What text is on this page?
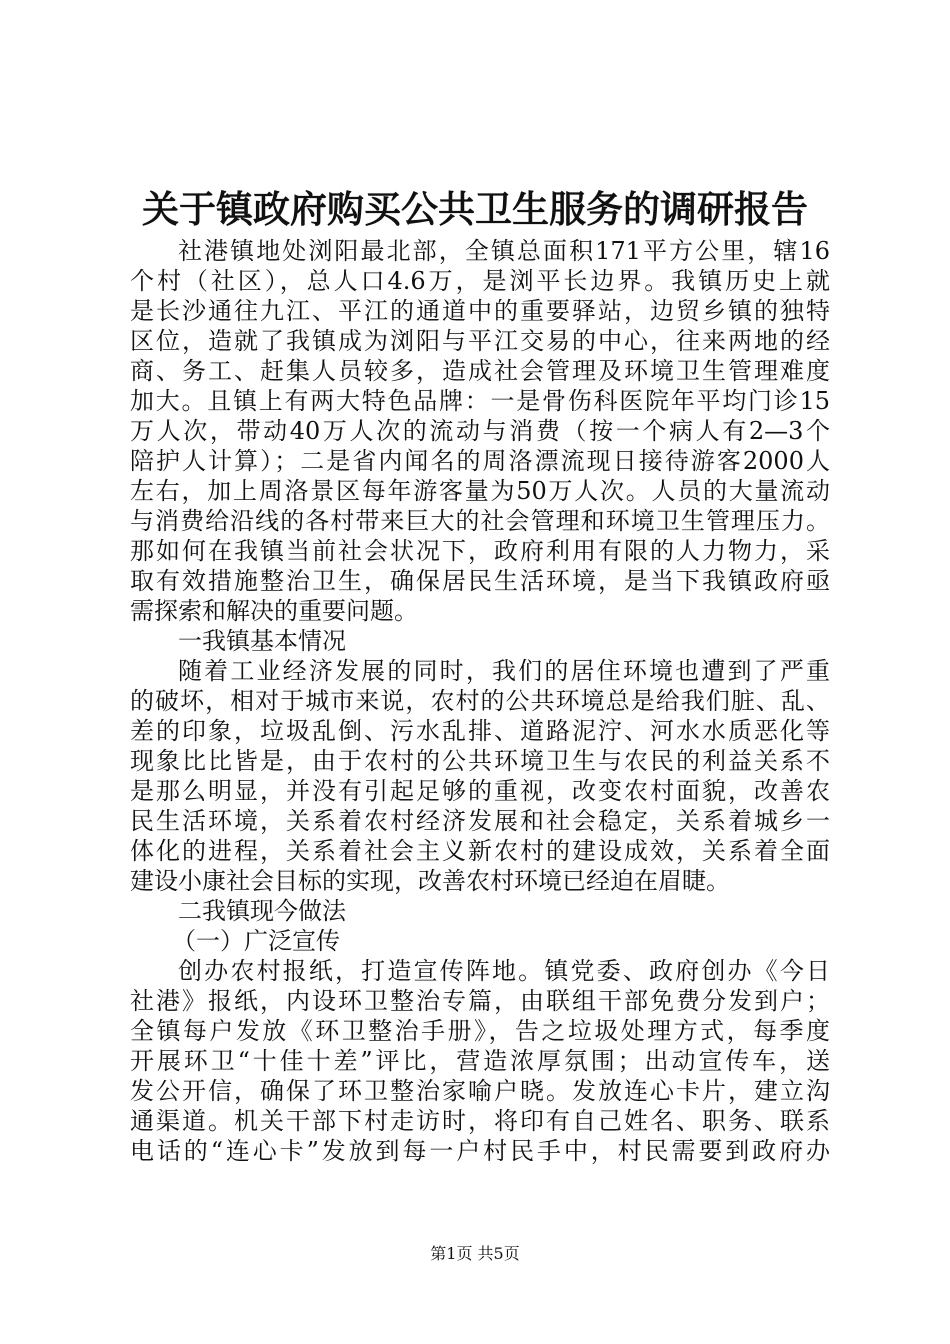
关于镇政府购买公共卫生服务的调研报告
社港镇地处浏阳最北部，全镇总面积171平方公里，辖16
个村（社区），总人口4.6万，是浏平长边界。我镇历史上就
是长沙通往九江、平江的通道中的重要驿站，边贸乡镇的独特
区位，造就了我镇成为浏阳与平江交易的中心，往来两地的经
商、务工、赶集人员较多，造成社会管理及环境卫生管理难度
加大。且镇上有两大特色品牌：一是骨伤科医院年平均门诊15
万人次，带动40万人次的流动与消费（按一个病人有2—3个
陪护人计算）；二是省内闻名的周洛漂流现日接待游客2000人
左右，加上周洛景区每年游客量为50万人次。人员的大量流动
与消费给沿线的各村带来巨大的社会管理和环境卫生管理压力。
那如何在我镇当前社会状况下，政府利用有限的人力物力，采
取有效措施整治卫生，确保居民生活环境，是当下我镇政府亟
需探索和解决的重要问题。
一我镇基本情况
随着工业经济发展的同时，我们的居住环境也遭到了严重
的破坏，相对于城市来说，农村的公共环境总是给我们脏、乱、
差的印象，垃圾乱倒、污水乱排、道路泥泞、河水水质恶化等
现象比比皆是，由于农村的公共环境卫生与农民的利益关系不
是那么明显，并没有引起足够的重视，改变农村面貌，改善农
民生活环境，关系着农村经济发展和社会稳定，关系着城乡一
体化的进程，关系着社会主义新农村的建设成效，关系着全面
建设小康社会目标的实现，改善农村环境已经迫在眉睫。
二我镇现今做法
（一）广泛宣传
创办农村报纸，打造宣传阵地。镇党委、政府创办《今日
社港》报纸，内设环卫整治专篇，由联组干部免费分发到户；
全镇每户发放《环卫整治手册》，告之垃圾处理方式，每季度
开展环卫“十佳十差”评比，营造浓厚氛围；出动宣传车，送
发公开信，确保了环卫整治家喻户晓。发放连心卡片，建立沟
通渠道。机关干部下村走访时，将印有自己姓名、职务、联系
电话的“连心卡”发放到每一户村民手中，村民需要到政府办
第1页 共5页
